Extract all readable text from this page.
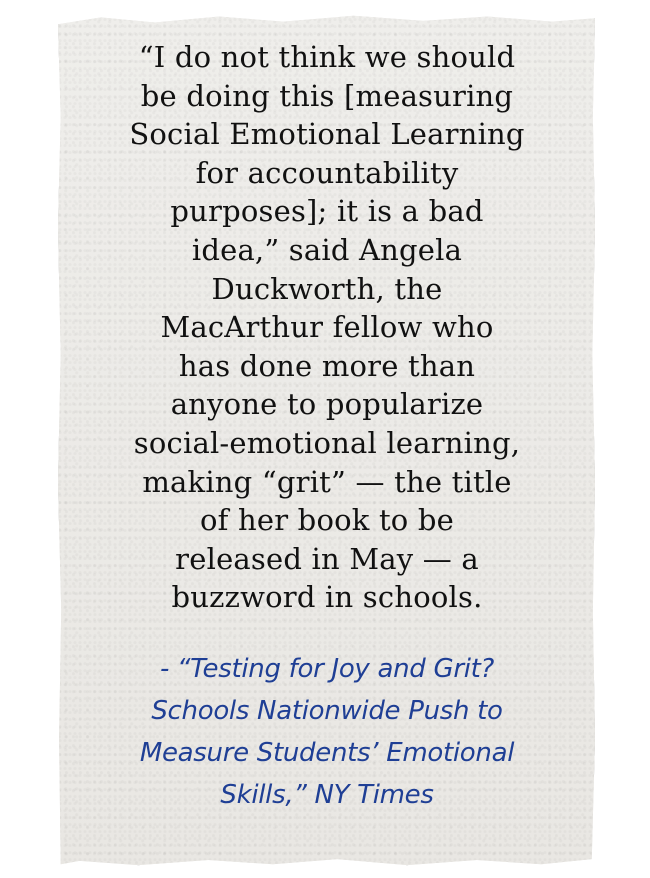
“I do not think we should
be doing this [measuring
Social Emotional Learning
for accountability
purposes]; it is a bad
idea,” said Angela
Duckworth, the
MacArthur fellow who
has done more than
anyone to popularize
social-emotional learning,
making “grit” — the title
of her book to be
released in May — a
buzzword in schools.

- “Testing for Joy and Grit?
Schools Nationwide Push to
Measure Students’ Emotional
Skills,” NY Times
